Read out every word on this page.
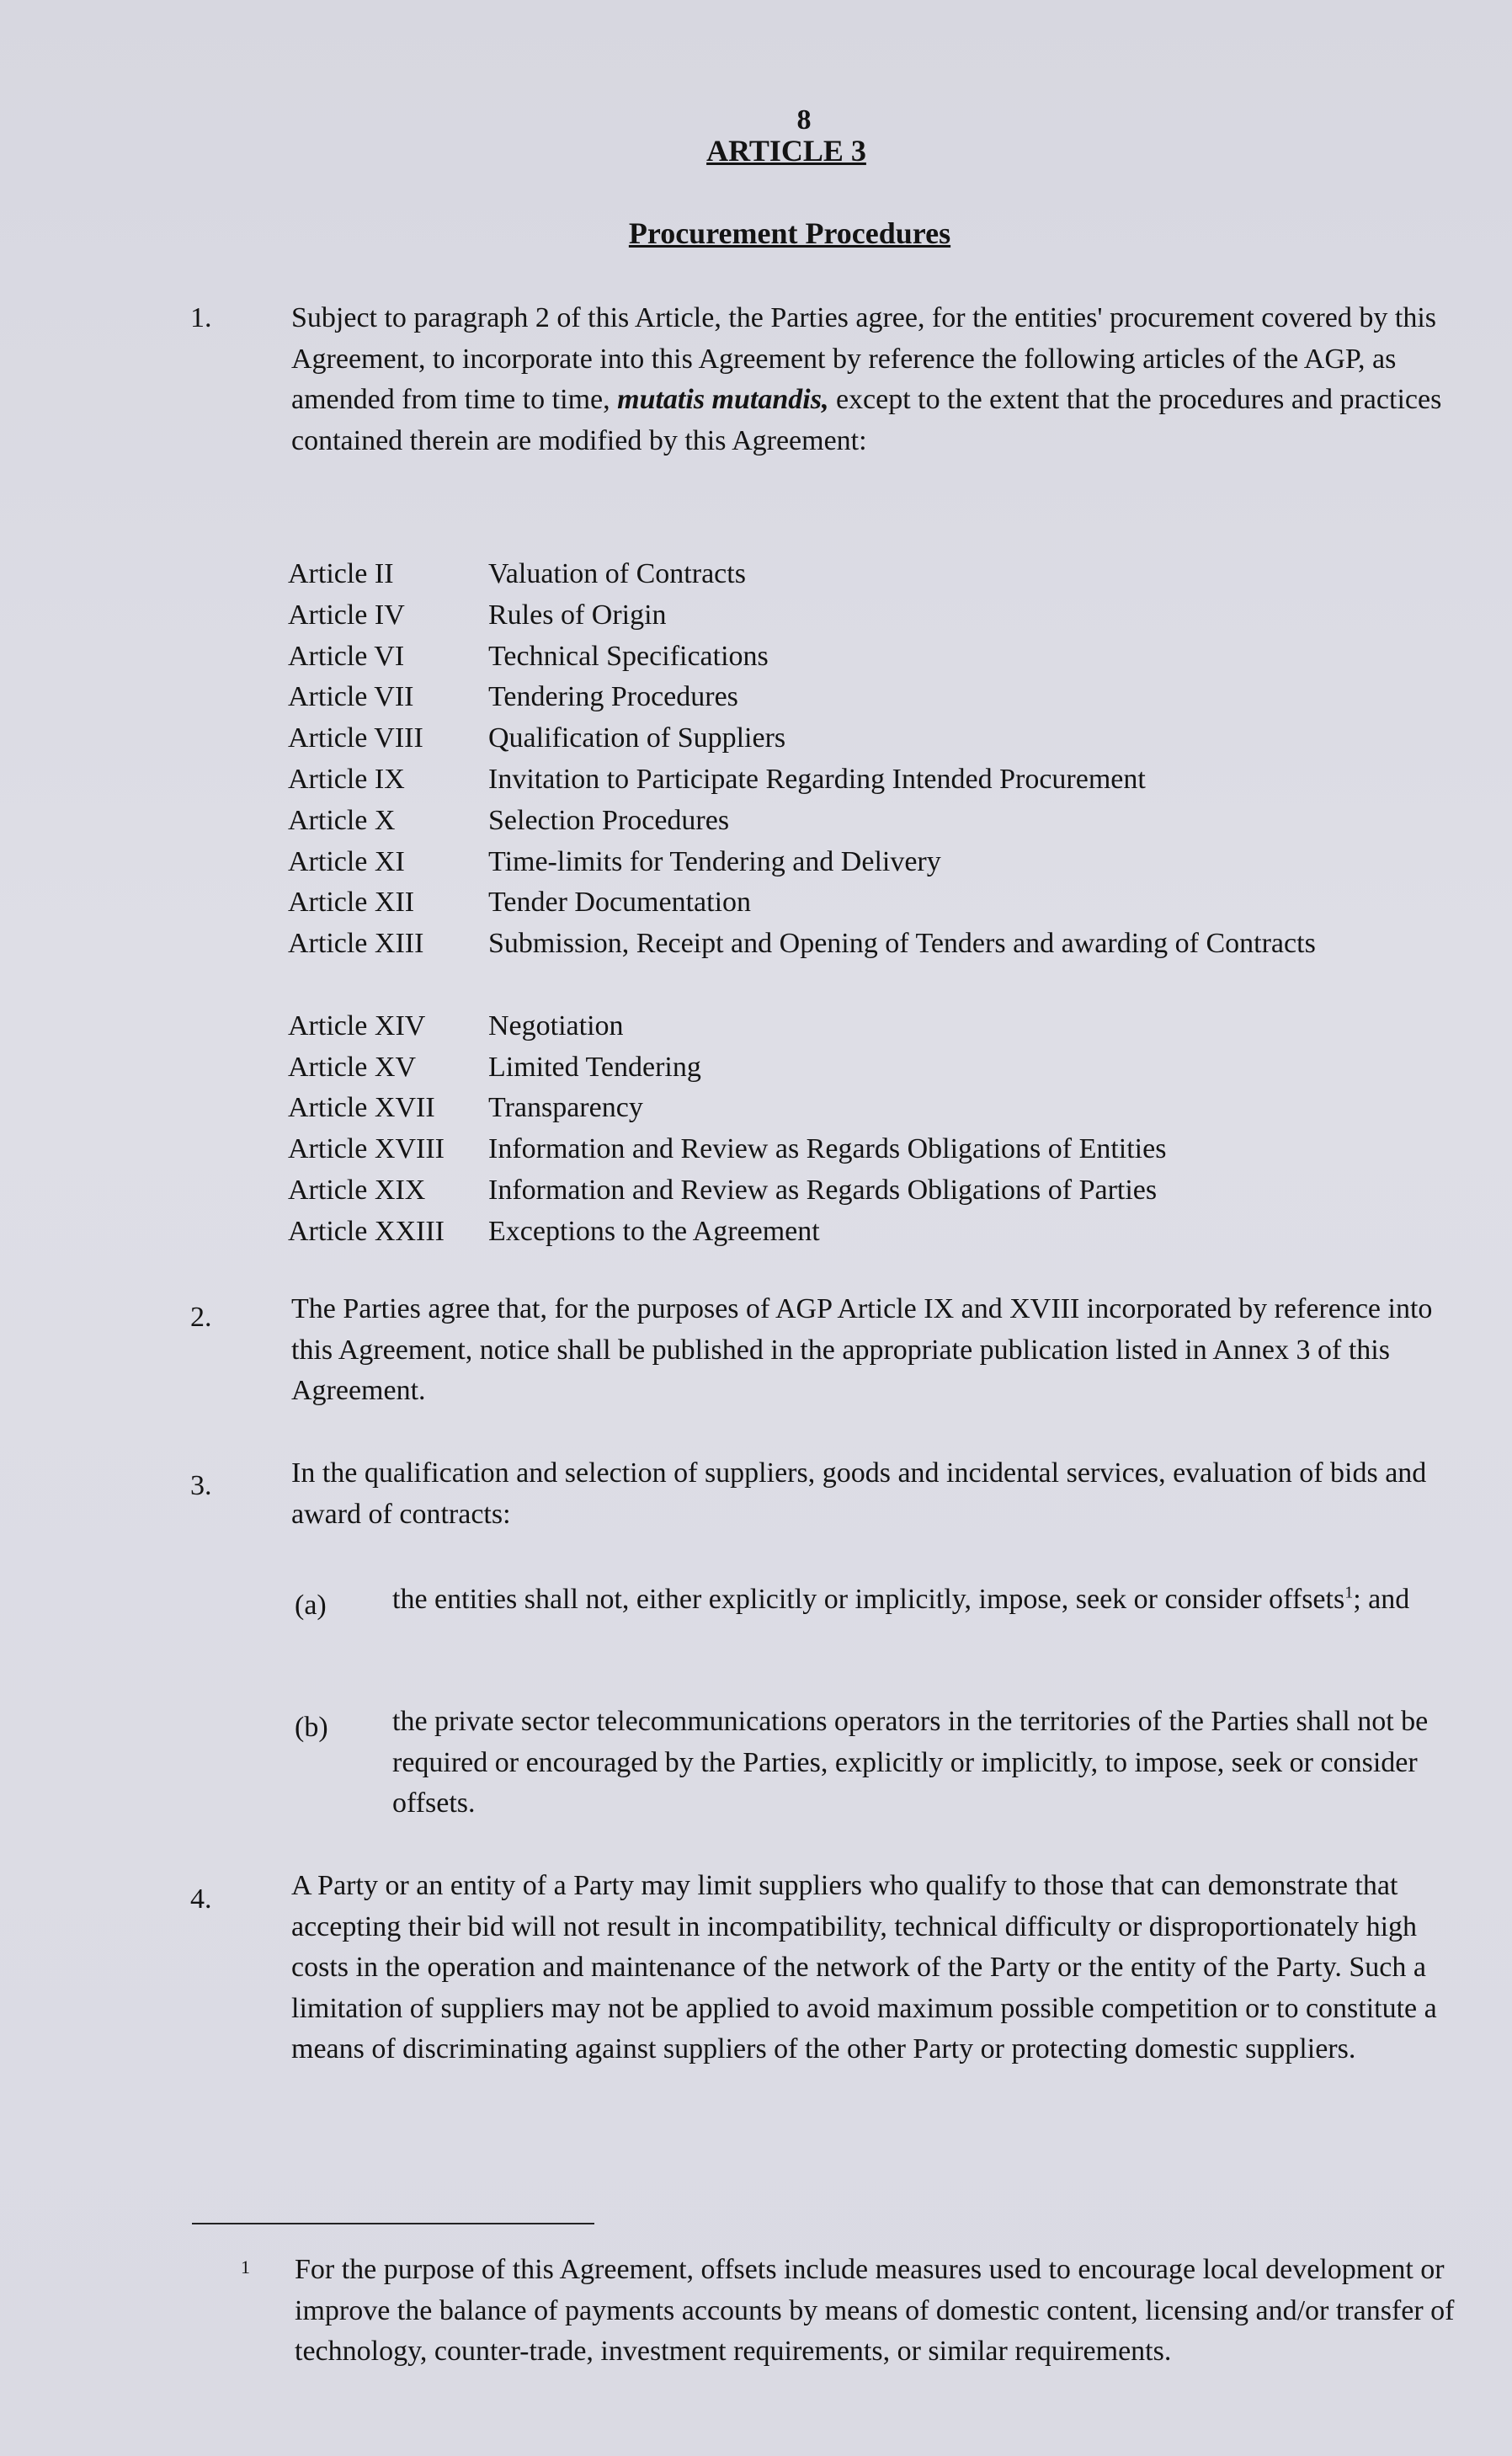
8
ARTICLE 3
Procurement Procedures
1.	Subject to paragraph 2 of this Article, the Parties agree, for the entities' procurement covered by this Agreement, to incorporate into this Agreement by reference the following articles of the AGP, as amended from time to time, mutatis mutandis, except to the extent that the procedures and practices contained therein are modified by this Agreement:
Article II	Valuation of Contracts
Article IV	Rules of Origin
Article VI	Technical Specifications
Article VII	Tendering Procedures
Article VIII	Qualification of Suppliers
Article IX	Invitation to Participate Regarding Intended Procurement
Article X	Selection Procedures
Article XI	Time-limits for Tendering and Delivery
Article XII	Tender Documentation
Article XIII	Submission, Receipt and Opening of Tenders and awarding of Contracts
Article XIV	Negotiation
Article XV	Limited Tendering
Article XVII	Transparency
Article XVIII	Information and Review as Regards Obligations of Entities
Article XIX	Information and Review as Regards Obligations of Parties
Article XXIII	Exceptions to the Agreement
2.	The Parties agree that, for the purposes of AGP Article IX and XVIII incorporated by reference into this Agreement, notice shall be published in the appropriate publication listed in Annex 3 of this Agreement.
3.	In the qualification and selection of suppliers, goods and incidental services, evaluation of bids and award of contracts:
(a) the entities shall not, either explicitly or implicitly, impose, seek or consider offsets$^1$; and
(b) the private sector telecommunications operators in the territories of the Parties shall not be required or encouraged by the Parties, explicitly or implicitly, to impose, seek or consider offsets.
4.	A Party or an entity of a Party may limit suppliers who qualify to those that can demonstrate that accepting their bid will not result in incompatibility, technical difficulty or disproportionately high costs in the operation and maintenance of the network of the Party or the entity of the Party. Such a limitation of suppliers may not be applied to avoid maximum possible competition or to constitute a means of discriminating against suppliers of the other Party or protecting domestic suppliers.
1 For the purpose of this Agreement, offsets include measures used to encourage local development or improve the balance of payments accounts by means of domestic content, licensing and/or transfer of technology, counter-trade, investment requirements, or similar requirements.
